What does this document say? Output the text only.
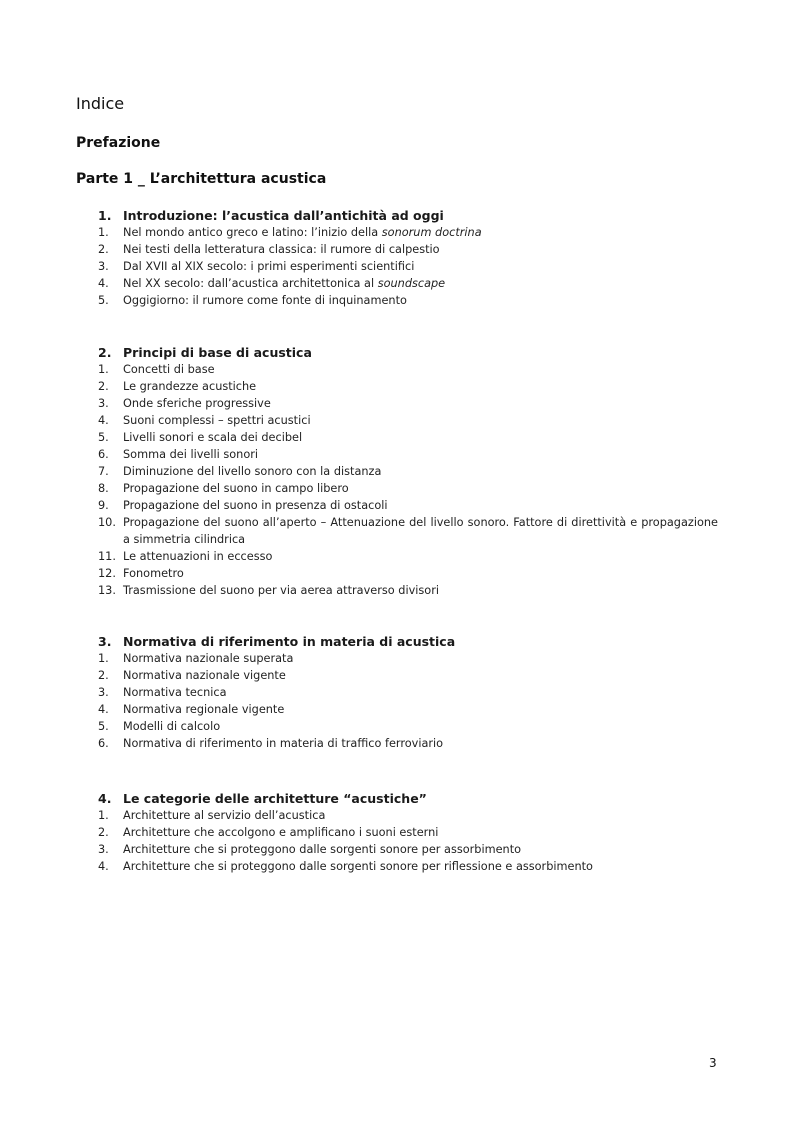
Indice
Prefazione
Parte 1 _ L’architettura acustica
1. Introduzione: l’acustica dall’antichità ad oggi
1.	Nel mondo antico greco e latino: l’inizio della sonorum doctrina
2.	Nei testi della letteratura classica: il rumore di calpestio
3.	Dal XVII al XIX secolo: i primi esperimenti scientifici
4.	Nel XX secolo: dall’acustica architettonica al soundscape
5.	Oggigiorno: il rumore come fonte di inquinamento
2. Principi di base di acustica
1.	Concetti di base
2.	Le grandezze acustiche
3.	Onde sferiche progressive
4.	Suoni complessi – spettri acustici
5.	Livelli sonori e scala dei decibel
6.	Somma dei livelli sonori
7.	Diminuzione del livello sonoro con la distanza
8.	Propagazione del suono in campo libero
9.	Propagazione del suono in presenza di ostacoli
10. Propagazione del suono all’aperto – Attenuazione del livello sonoro. Fattore di direttività e propagazione a simmetria cilindrica
11. Le attenuazioni in eccesso
12. Fonometro
13. Trasmissione del suono per via aerea attraverso divisori
3. Normativa di riferimento in materia di acustica
1.	Normativa nazionale superata
2.	Normativa nazionale vigente
3.	Normativa tecnica
4.	Normativa regionale vigente
5.	Modelli di calcolo
6.	Normativa di riferimento in materia di traffico ferroviario
4. Le categorie delle architetture “acustiche”
1.	Architetture al servizio dell’acustica
2.	Architetture che accolgono e amplificano i suoni esterni
3.	Architetture che si proteggono dalle sorgenti sonore per assorbimento
4.	Architetture che si proteggono dalle sorgenti sonore per riflessione e assorbimento
3
